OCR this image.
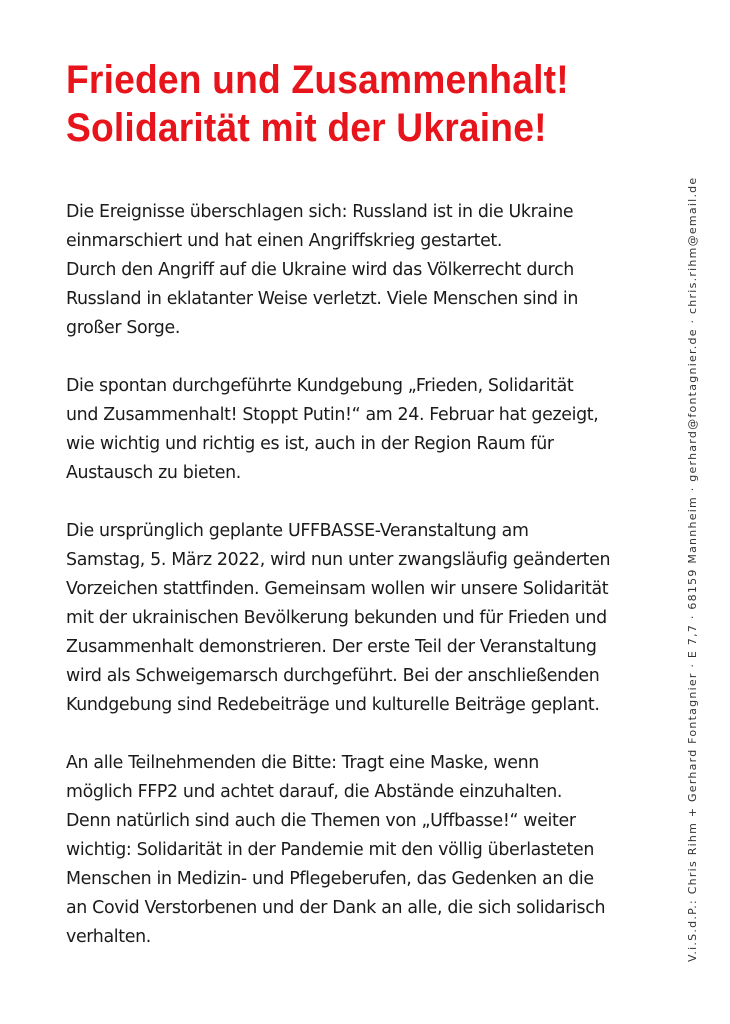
Frieden und Zusammenhalt!
Solidarität mit der Ukraine!

Die Ereignisse überschlagen sich: Russland ist in die Ukraine
einmarschiert und hat einen Angriffskrieg gestartet.
Durch den Angriff auf die Ukraine wird das Völkerrecht durch
Russland in eklatanter Weise verletzt. Viele Menschen sind in
großer Sorge.

Die spontan durchgeführte Kundgebung „Frieden, Solidarität
und Zusammenhalt! Stoppt Putin!“ am 24. Februar hat gezeigt,
wie wichtig und richtig es ist, auch in der Region Raum für
Austausch zu bieten.

Die ursprünglich geplante UFFBASSE-Veranstaltung am
Samstag, 5. März 2022, wird nun unter zwangsläufig geänderten
Vorzeichen stattfinden. Gemeinsam wollen wir unsere Solidarität
mit der ukrainischen Bevölkerung bekunden und für Frieden und
Zusammenhalt demonstrieren. Der erste Teil der Veranstaltung
wird als Schweigemarsch durchgeführt. Bei der anschließenden
Kundgebung sind Redebeiträge und kulturelle Beiträge geplant.

An alle Teilnehmenden die Bitte: Tragt eine Maske, wenn
möglich FFP2 und achtet darauf, die Abstände einzuhalten.
Denn natürlich sind auch die Themen von „Uffbasse!“ weiter
wichtig: Solidarität in der Pandemie mit den völlig überlasteten
Menschen in Medizin- und Pflegeberufen, das Gedenken an die
an Covid Verstorbenen und der Dank an alle, die sich solidarisch
verhalten.	V.i.S.d.P.: Chris Rihm + Gerhard Fontagnier · E 7,7 · 68159 Mannheim · gerhard@fontagnier.de · chris.rihm@email.de
